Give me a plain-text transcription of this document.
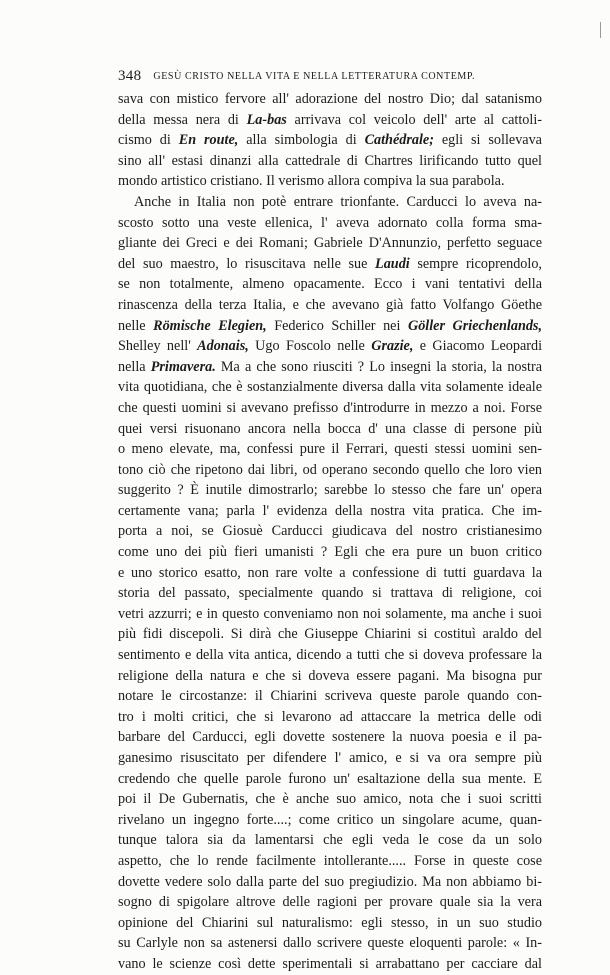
348 GESÙ CRISTO NELLA VITA E NELLA LETTERATURA CONTEMP.
sava con mistico fervore all' adorazione del nostro Dio; dal satanismo
della messa nera di La-bas arrivava col veicolo dell' arte al cattoli-
cismo di En route, alla simbologia di Cathédrale; egli si sollevava
sino all' estasi dinanzi alla cattedrale di Chartres lirificando tutto quel
mondo artistico cristiano. Il verismo allora compiva la sua parabola.
Anche in Italia non potè entrare trionfante. Carducci lo aveva na-
scosto sotto una veste ellenica, l' aveva adornato colla forma sma-
gliante dei Greci e dei Romani; Gabriele D'Annunzio, perfetto seguace
del suo maestro, lo risuscitava nelle sue Laudi sempre ricoprendolo,
se non totalmente, almeno opacamente. Ecco i vani tentativi della
rinascenza della terza Italia, e che avevano già fatto Volfango Göethe
nelle Römische Elegien, Federico Schiller nei Göller Griechenlands,
Shelley nell' Adonais, Ugo Foscolo nelle Grazie, e Giacomo Leopardi
nella Primavera. Ma a che sono riusciti ? Lo insegni la storia, la nostra
vita quotidiana, che è sostanzialmente diversa dalla vita solamente ideale
che questi uomini si avevano prefisso d'introdurre in mezzo a noi. Forse
quei versi risuonano ancora nella bocca d' una classe di persone più
o meno elevate, ma, confessi pure il Ferrari, questi stessi uomini sen-
tono ciò che ripetono dai libri, od operano secondo quello che loro vien
suggerito ? È inutile dimostrarlo; sarebbe lo stesso che fare un' opera
certamente vana; parla l' evidenza della nostra vita pratica. Che im-
porta a noi, se Giosuè Carducci giudicava del nostro cristianesimo
come uno dei più fieri umanisti ? Egli che era pure un buon critico
e uno storico esatto, non rare volte a confessione di tutti guardava la
storia del passato, specialmente quando si trattava di religione, coi
vetri azzurri; e in questo conveniamo non noi solamente, ma anche i suoi
più fidi discepoli. Si dirà che Giuseppe Chiarini si costituì araldo del
sentimento e della vita antica, dicendo a tutti che si doveva professare la
religione della natura e che si doveva essere pagani. Ma bisogna pur
notare le circostanze: il Chiarini scriveva queste parole quando con-
tro i molti critici, che si levarono ad attaccare la metrica delle odi
barbare del Carducci, egli dovette sostenere la nuova poesia e il pa-
ganesimo risuscitato per difendere l' amico, e si va ora sempre più
credendo che quelle parole furono un' esaltazione della sua mente. E
poi il De Gubernatis, che è anche suo amico, nota che i suoi scritti
rivelano un ingegno forte....; come critico un singolare acume, quan-
tunque talora sia da lamentarsi che egli veda le cose da un solo
aspetto, che lo rende facilmente intollerante..... Forse in queste cose
dovette vedere solo dalla parte del suo pregiudizio. Ma non abbiamo bi-
sogno di spigolare altrove delle ragioni per provare quale sia la vera
opinione del Chiarini sul naturalismo: egli stesso, in un suo studio
su Carlyle non sa astenersi dallo scrivere queste eloquenti parole: « In-
vano le scienze così dette sperimentali si arrabattano per cacciare dal
